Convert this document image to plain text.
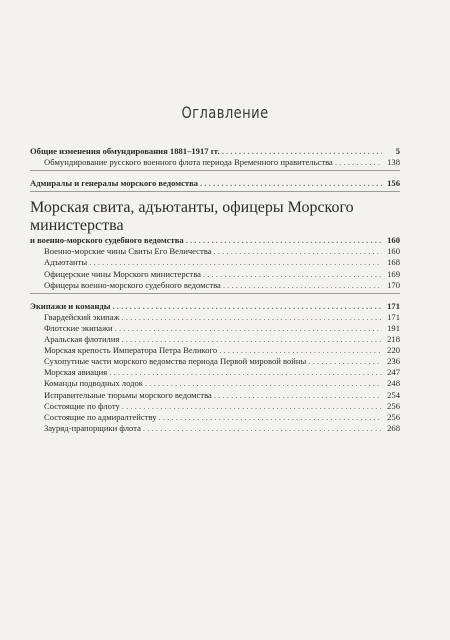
Оглавление
Общие изменения обмундирования 1881–1917 гг. . . .	5
Обмундирование русского военного флота периода Временного правительства . . .	138
Адмиралы и генералы морского ведомства . . .	156
Морская свита, адъютанты, офицеры Морского министерства
и военно-морского судебного ведомства . . .	160
Военно-морские чины Свиты Его Величества . . .	160
Адъютанты . . .	168
Офицерские чины Морского министерства . . .	169
Офицеры военно-морского судебного ведомства . . .	170
Экипажи и команды . . .	171
Гвардейский экипаж . . .	171
Флотские экипажи . . .	191
Аральская флотилия . . .	218
Морская крепость Императора Петра Великого . . .	220
Сухопутные части морского ведомства периода Первой мировой войны . . .	236
Морская авиация . . .	247
Команды подводных лодок . . .	248
Исправительные тюрьмы морского ведомства . . .	254
Состоящие по флоту . . .	256
Состоящие по адмиралтейству . . .	256
Зауряд-прапорщики флота . . .	268
